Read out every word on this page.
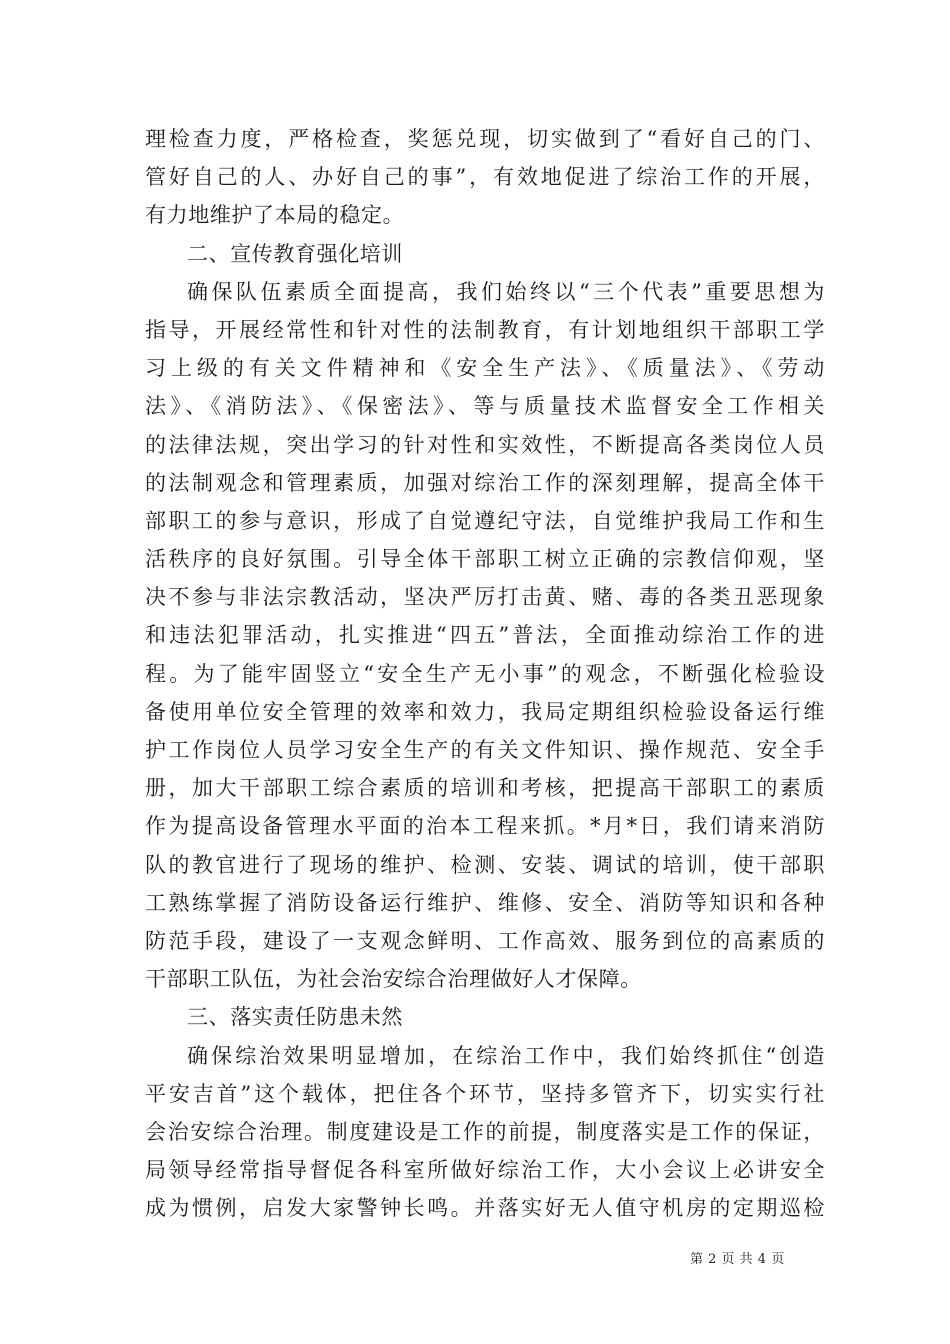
理检查力度，严格检查，奖惩兑现，切实做到了“看好自己的门、
管好自己的人、办好自己的事”，有效地促进了综治工作的开展，
有力地维护了本局的稳定。
二、宣传教育强化培训
确保队伍素质全面提高，我们始终以“三个代表”重要思想为
指导，开展经常性和针对性的法制教育，有计划地组织干部职工学
习上级的有关文件精神和《安全生产法》、《质量法》、《劳动
法》、《消防法》、《保密法》、等与质量技术监督安全工作相关
的法律法规，突出学习的针对性和实效性，不断提高各类岗位人员
的法制观念和管理素质，加强对综治工作的深刻理解，提高全体干
部职工的参与意识，形成了自觉遵纪守法，自觉维护我局工作和生
活秩序的良好氛围。引导全体干部职工树立正确的宗教信仰观，坚
决不参与非法宗教活动，坚决严厉打击黄、赌、毒的各类丑恶现象
和违法犯罪活动，扎实推进“四五”普法，全面推动综治工作的进
程。为了能牢固竖立“安全生产无小事”的观念，不断强化检验设
备使用单位安全管理的效率和效力，我局定期组织检验设备运行维
护工作岗位人员学习安全生产的有关文件知识、操作规范、安全手
册，加大干部职工综合素质的培训和考核，把提高干部职工的素质
作为提高设备管理水平面的治本工程来抓。*月*日，我们请来消防
队的教官进行了现场的维护、检测、安装、调试的培训，使干部职
工熟练掌握了消防设备运行维护、维修、安全、消防等知识和各种
防范手段，建设了一支观念鲜明、工作高效、服务到位的高素质的
干部职工队伍，为社会治安综合治理做好人才保障。
三、落实责任防患未然
确保综治效果明显增加，在综治工作中，我们始终抓住“创造
平安吉首”这个载体，把住各个环节，坚持多管齐下，切实实行社
会治安综合治理。制度建设是工作的前提，制度落实是工作的保证，
局领导经常指导督促各科室所做好综治工作，大小会议上必讲安全
成为惯例，启发大家警钟长鸣。并落实好无人值守机房的定期巡检
第 2 页 共 4 页
